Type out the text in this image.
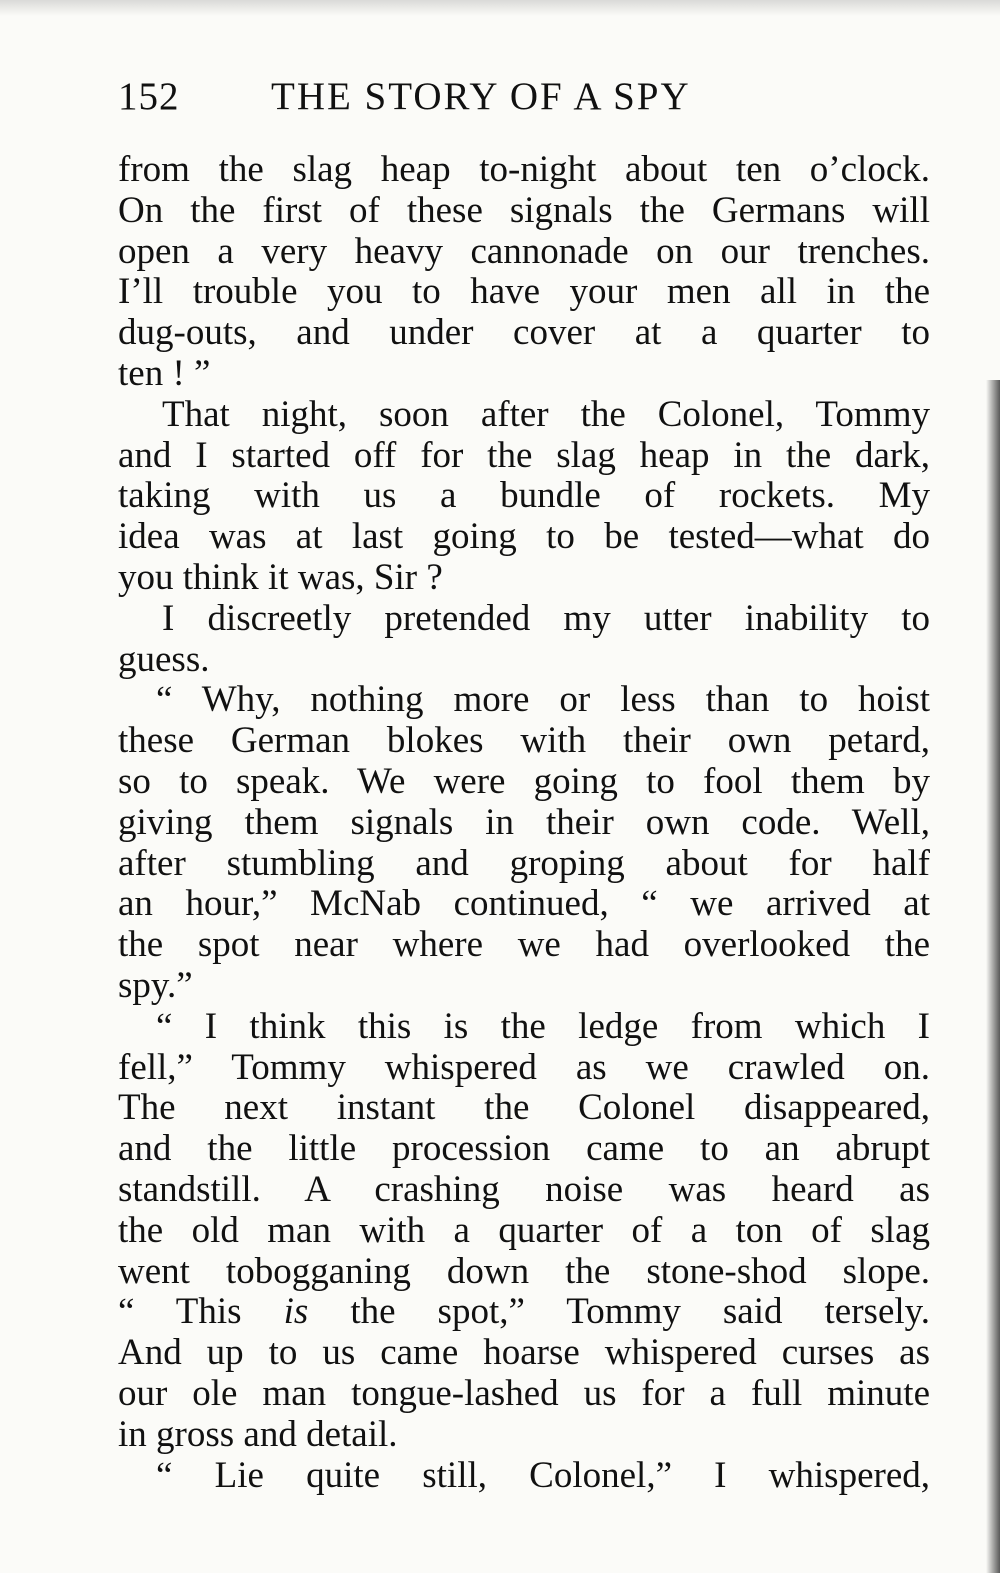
152 THE STORY OF A SPY
from the slag heap to-night about ten o’clock.
On the first of these signals the Germans will
open a very heavy cannonade on our trenches.
I’ll trouble you to have your men all in the
dug-outs, and under cover at a quarter to
ten ! ”
That night, soon after the Colonel, Tommy
and I started off for the slag heap in the dark,
taking with us a bundle of rockets. My
idea was at last going to be tested—what do
you think it was, Sir ?
I discreetly pretended my utter inability to
guess.
“ Why, nothing more or less than to hoist
these German blokes with their own petard,
so to speak. We were going to fool them by
giving them signals in their own code. Well,
after stumbling and groping about for half
an hour,” McNab continued, “ we arrived at
the spot near where we had overlooked the
spy.”
“ I think this is the ledge from which I
fell,” Tommy whispered as we crawled on.
The next instant the Colonel disappeared,
and the little procession came to an abrupt
standstill. A crashing noise was heard as
the old man with a quarter of a ton of slag
went tobogganing down the stone-shod slope.
“ This is the spot,” Tommy said tersely.
And up to us came hoarse whispered curses as
our ole man tongue-lashed us for a full minute
in gross and detail.
“ Lie quite still, Colonel,” I whispered,
